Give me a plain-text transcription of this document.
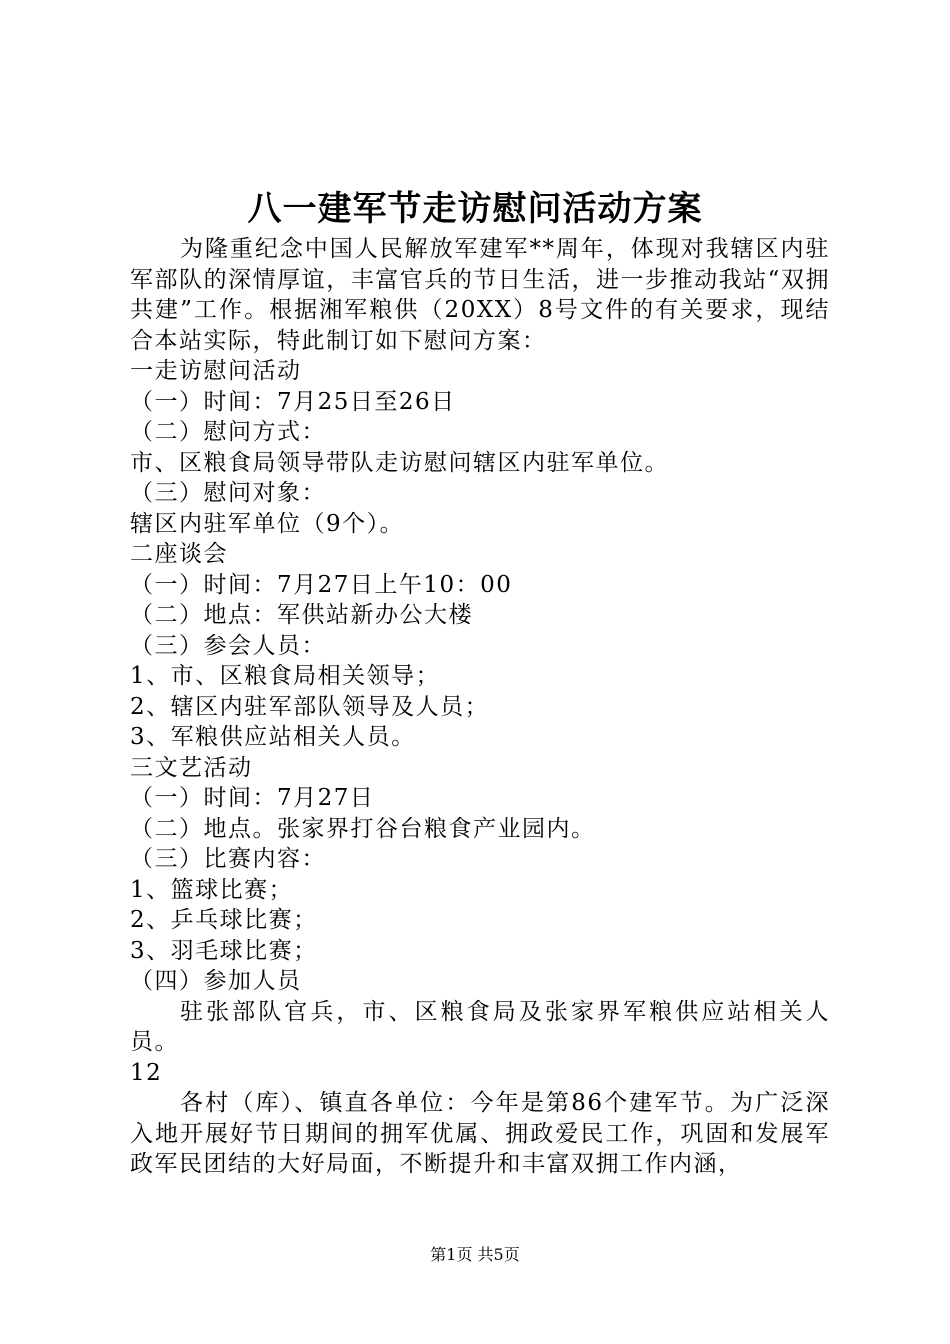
八一建军节走访慰问活动方案

为隆重纪念中国人民解放军建军**周年，体现对我辖区内驻军部队的深情厚谊，丰富官兵的节日生活，进一步推动我站“双拥共建”工作。根据湘军粮供（20XX）8号文件的有关要求，现结合本站实际，特此制订如下慰问方案：

一走访慰问活动

（一）时间：7月25日至26日

（二）慰问方式：

市、区粮食局领导带队走访慰问辖区内驻军单位。

（三）慰问对象：

辖区内驻军单位（9个）。

二座谈会

（一）时间：7月27日上午10：00

（二）地点：军供站新办公大楼

（三）参会人员：

1、市、区粮食局相关领导；

2、辖区内驻军部队领导及人员；

3、军粮供应站相关人员。

三文艺活动

（一）时间：7月27日

（二）地点。张家界打谷台粮食产业园内。

（三）比赛内容：

1、篮球比赛；

2、乒乓球比赛；

3、羽毛球比赛；

（四）参加人员

驻张部队官兵，市、区粮食局及张家界军粮供应站相关人员。

12

各村（库）、镇直各单位：今年是第86个建军节。为广泛深入地开展好节日期间的拥军优属、拥政爱民工作，巩固和发展军政军民团结的大好局面，不断提升和丰富双拥工作内涵，

第1页 共5页
